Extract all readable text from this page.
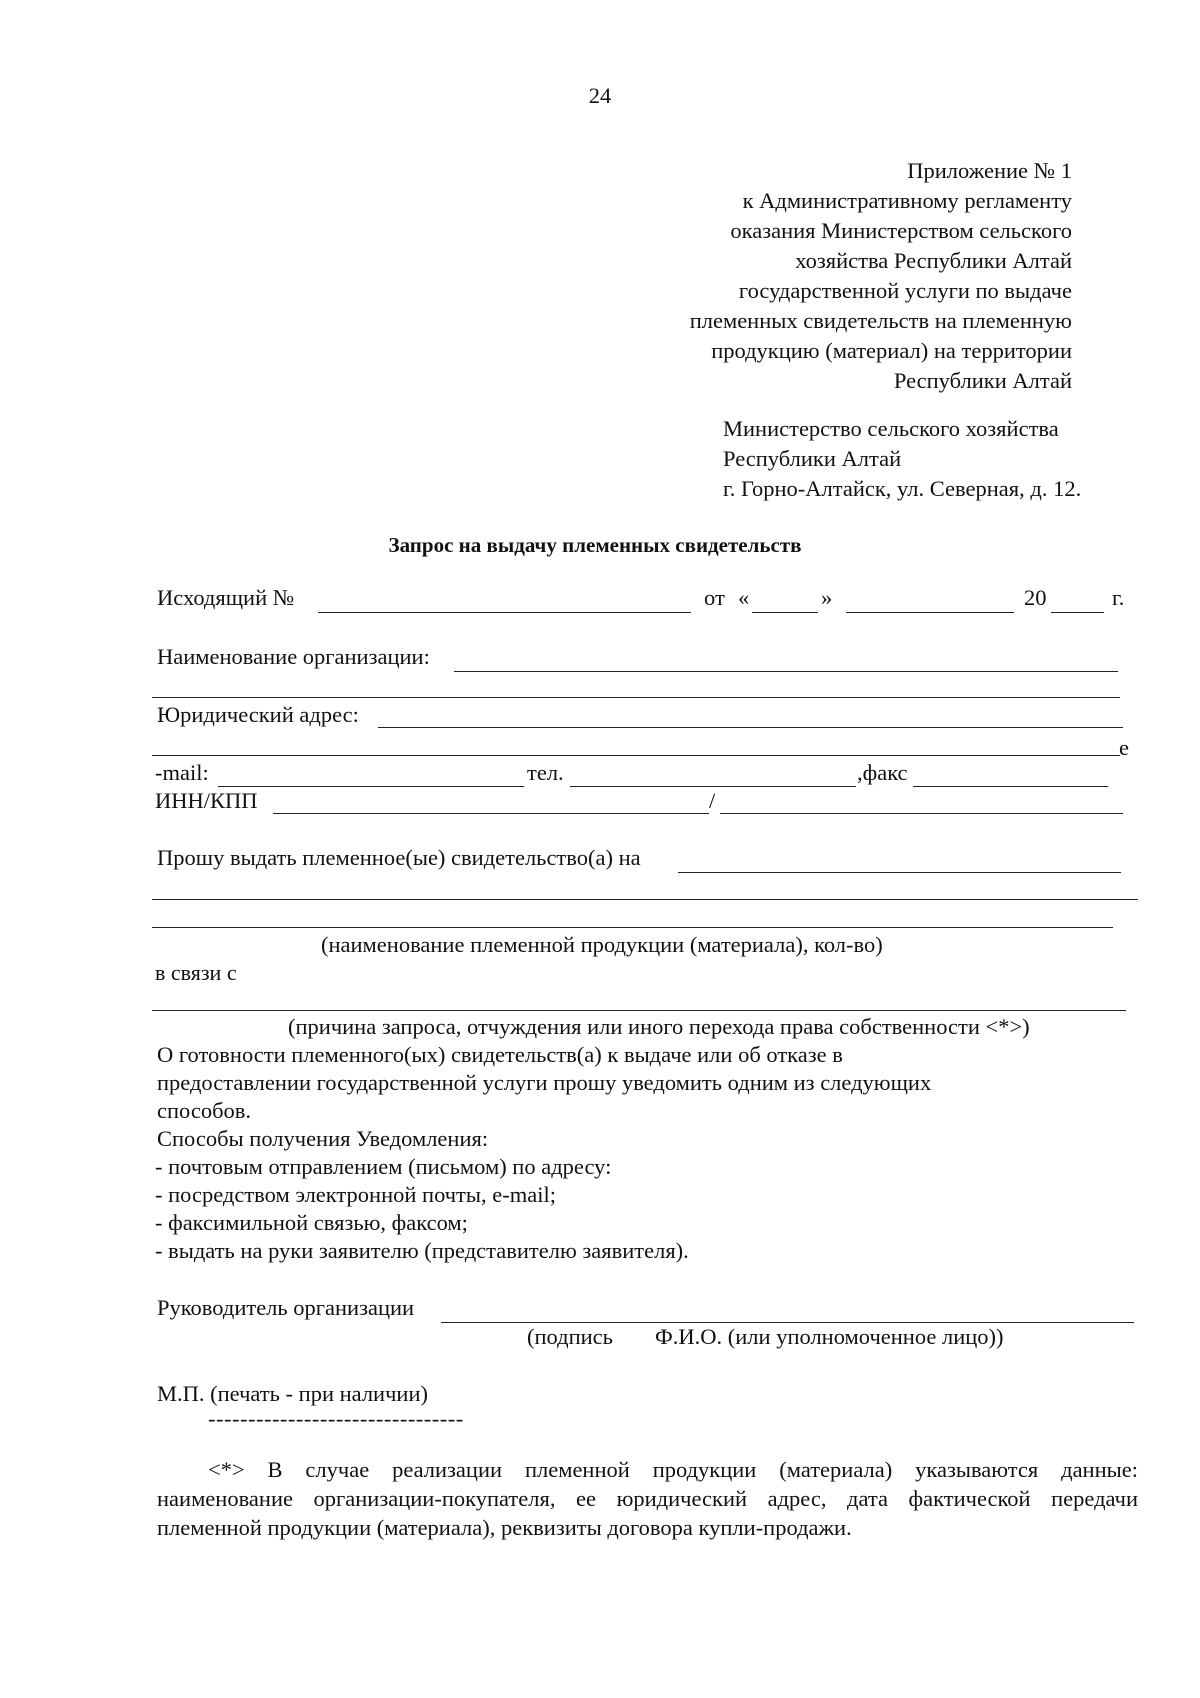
24
Приложение № 1
к Административному регламенту
оказания Министерством сельского
хозяйства Республики Алтай
государственной услуги по выдаче
племенных свидетельств на племенную
продукцию (материал) на территории
Республики Алтай
Министерство сельского хозяйства
Республики Алтай
г. Горно-Алтайск, ул. Северная, д. 12.
Запрос на выдачу племенных свидетельств
Исходящий №	от «	»	20	г.
Наименование организации:
Юридический адрес:
е
-mail:	тел.	,факс
ИНН/КПП	/
Прошу выдать племенное(ые) свидетельство(а) на
(наименование племенной продукции (материала), кол-во)
в связи с
(причина запроса, отчуждения или иного перехода права собственности <*>)
О готовности племенного(ых) свидетельств(а) к выдаче или об отказе в
предоставлении государственной услуги прошу уведомить одним из следующих
способов.
Способы получения Уведомления:
- почтовым отправлением (письмом) по адресу:
- посредством электронной почты, e-mail;
- факсимильной связью, факсом;
- выдать на руки заявителю (представителю заявителя).
Руководитель организации
(подпись Ф.И.О. (или уполномоченное лицо))
М.П. (печать - при наличии)
--------------------------------
<*> В случае реализации племенной продукции (материала) указываются данные:
наименование организации-покупателя, ее юридический адрес, дата фактической передачи
племенной продукции (материала), реквизиты договора купли-продажи.
